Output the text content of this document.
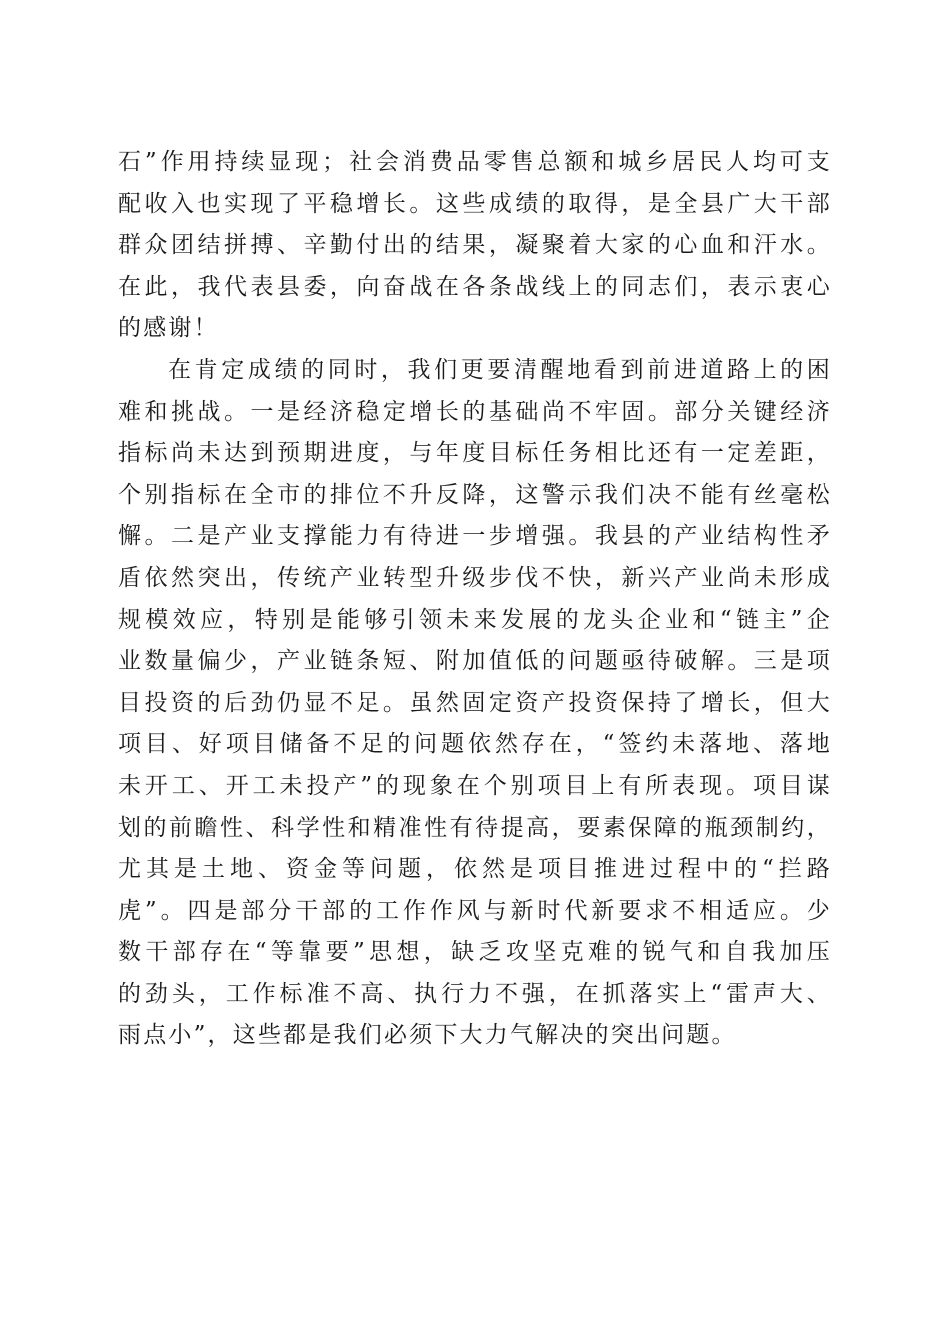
石”作用持续显现；社会消费品零售总额和城乡居民人均可支
配收入也实现了平稳增长。这些成绩的取得，是全县广大干部
群众团结拼搏、辛勤付出的结果，凝聚着大家的心血和汗水。
在此，我代表县委，向奋战在各条战线上的同志们，表示衷心
的感谢！
在肯定成绩的同时，我们更要清醒地看到前进道路上的困
难和挑战。一是经济稳定增长的基础尚不牢固。部分关键经济
指标尚未达到预期进度，与年度目标任务相比还有一定差距，
个别指标在全市的排位不升反降，这警示我们决不能有丝毫松
懈。二是产业支撑能力有待进一步增强。我县的产业结构性矛
盾依然突出，传统产业转型升级步伐不快，新兴产业尚未形成
规模效应，特别是能够引领未来发展的龙头企业和“链主”企
业数量偏少，产业链条短、附加值低的问题亟待破解。三是项
目投资的后劲仍显不足。虽然固定资产投资保持了增长，但大
项目、好项目储备不足的问题依然存在，“签约未落地、落地
未开工、开工未投产”的现象在个别项目上有所表现。项目谋
划的前瞻性、科学性和精准性有待提高，要素保障的瓶颈制约，
尤其是土地、资金等问题，依然是项目推进过程中的“拦路
虎”。四是部分干部的工作作风与新时代新要求不相适应。少
数干部存在“等靠要”思想，缺乏攻坚克难的锐气和自我加压
的劲头，工作标准不高、执行力不强，在抓落实上“雷声大、
雨点小”，这些都是我们必须下大力气解决的突出问题。
